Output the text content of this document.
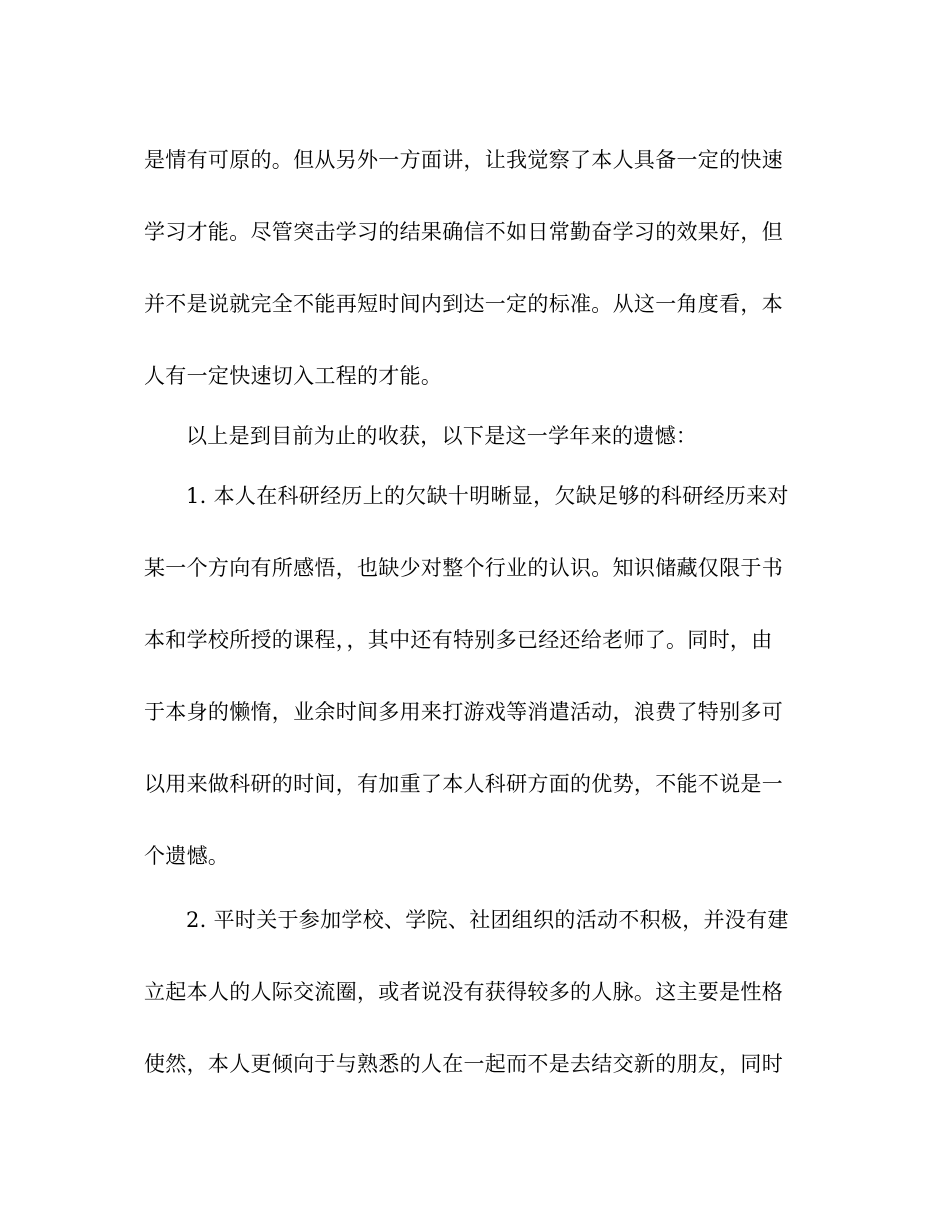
是情有可原的。但从另外一方面讲，让我觉察了本人具备一定的快速
学习才能。尽管突击学习的结果确信不如日常勤奋学习的效果好，但
并不是说就完全不能再短时间内到达一定的标准。从这一角度看，本
人有一定快速切入工程的才能。
以上是到目前为止的收获，以下是这一学年来的遗憾：
1. 本人在科研经历上的欠缺十明晰显，欠缺足够的科研经历来对
某一个方向有所感悟，也缺少对整个行业的认识。知识储藏仅限于书
本和学校所授的课程，，其中还有特别多已经还给老师了。同时，由
于本身的懒惰，业余时间多用来打游戏等消遣活动，浪费了特别多可
以用来做科研的时间，有加重了本人科研方面的优势，不能不说是一
个遗憾。
2. 平时关于参加学校、学院、社团组织的活动不积极，并没有建
立起本人的人际交流圈，或者说没有获得较多的人脉。这主要是性格
使然，本人更倾向于与熟悉的人在一起而不是去结交新的朋友，同时
